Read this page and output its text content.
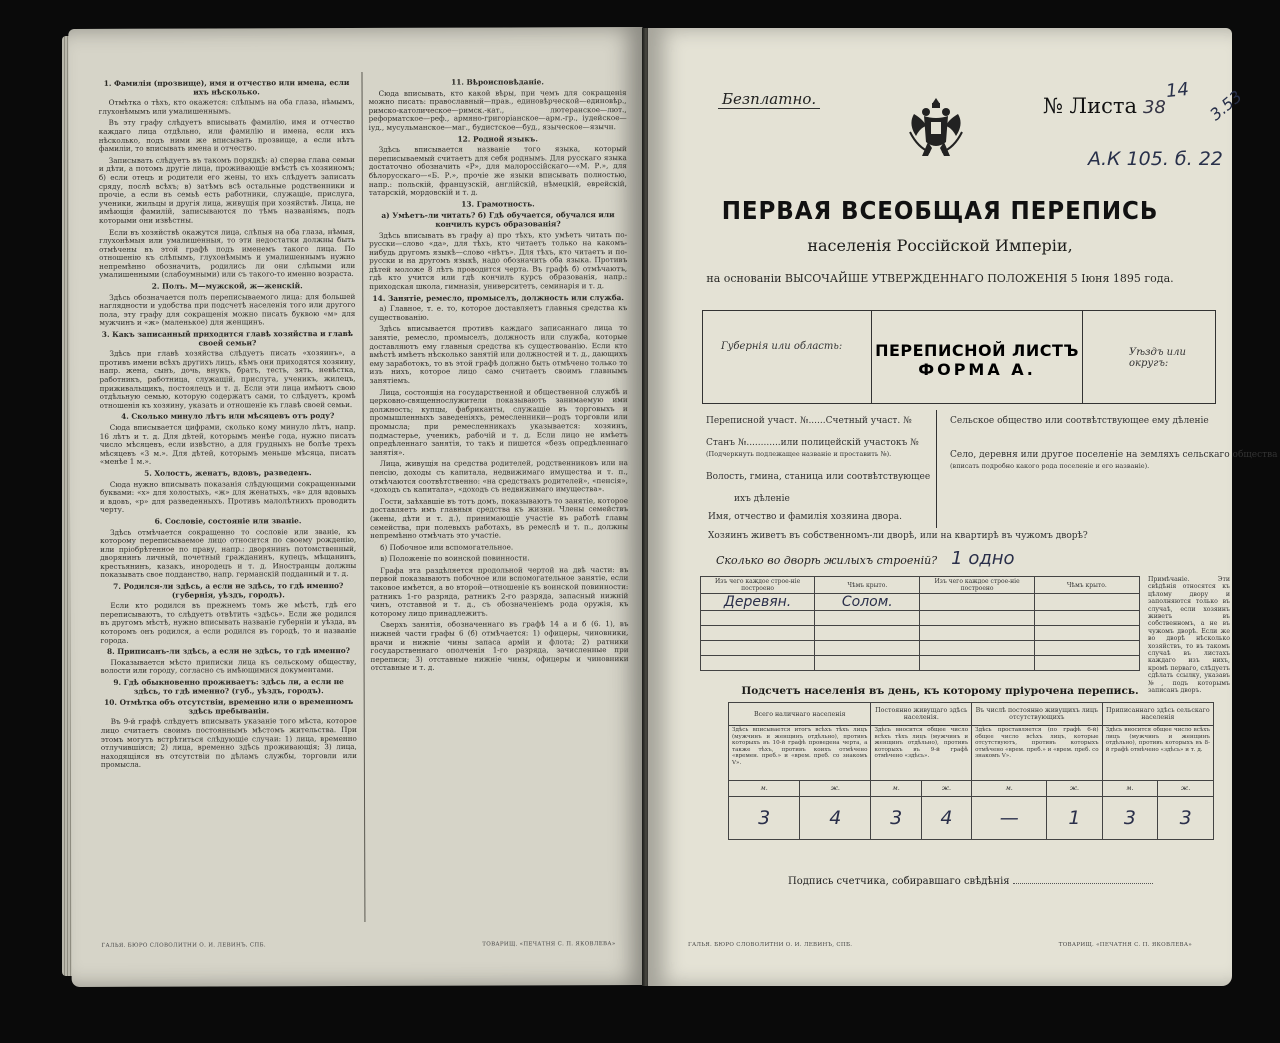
1. Фамилія (прозвище), имя и отчество или имена, если ихъ нѣсколько.

Отмѣтка о тѣхъ, кто окажется: слѣпымъ на оба глаза, нѣмымъ, глухонѣмымъ или умалишеннымъ.

Въ эту графу слѣдуетъ вписывать фамилію, имя и отчество каждаго лица отдѣльно, или фамилію и имена, если ихъ нѣсколько, подъ ними же вписывать прозвище, а если нѣтъ фамиліи, то вписывать имена и отчество.

Записывать слѣдуетъ въ такомъ порядкѣ: а) сперва глава семьи и дѣти, а потомъ другіе лица, проживающіе вмѣстѣ съ хозяиномъ; б) если отецъ и родители его жены, то ихъ слѣдуетъ записать сряду, послѣ всѣхъ; в) затѣмъ всѣ остальные родственники и прочіе, а если въ семьѣ есть работники, служащіе, прислуга, ученики, жильцы и другія лица, живущія при хозяйствѣ. Лица, не имѣющія фамилій, записываются по тѣмъ названіямъ, подъ которыми они извѣстны.

Если въ хозяйствѣ окажутся лица, слѣпыя на оба глаза, нѣмыя, глухонѣмыя или умалишенныя, то эти недостатки должны быть отмѣчены въ этой графѣ подъ именемъ такого лица. По отношенію къ слѣпымъ, глухонѣмымъ и умалишеннымъ нужно непремѣнно обозначить, родились ли они слѣпыми или умалишенными (слабоумными) или съ такого-то именно возраста.

2. Полъ. М—мужской, ж—женскій.

Здѣсь обозначается полъ переписываемого лица: для большей наглядности и удобства при подсчетѣ населенія того или другого пола, эту графу для сокращенія можно писать буквою «м» для мужчинъ и «ж» (маленькое) для женщинъ.

3. Какъ записанный приходится главѣ хозяйства и главѣ своей семьи?

Здѣсь при главѣ хозяйства слѣдуетъ писать «хозяинъ», а противъ имени всѣхъ другихъ лицъ, кѣмъ они приходятся хозяину, напр. жена, сынъ, дочь, внукъ, братъ, тесть, зять, невѣстка, работникъ, работница, служащій, прислуга, ученикъ, жилецъ, приживальщикъ, постоялецъ и т. д. Если эти лица имѣютъ свою отдѣльную семью, которую содержатъ сами, то слѣдуетъ, кромѣ отношенія къ хозяину, указать и отношеніе къ главѣ своей семьи.

4. Сколько минуло лѣтъ или мѣсяцевъ отъ роду?

Сюда вписывается цифрами, сколько кому минуло лѣтъ, напр. 16 лѣтъ и т. д. Для дѣтей, которымъ менѣе года, нужно писать число мѣсяцевъ, если извѣстно, а для грудныхъ не болѣе трехъ мѣсяцевъ «3 м.». Для дѣтей, которымъ меньше мѣсяца, писать «менѣе 1 м.».

5. Холостъ, женатъ, вдовъ, разведенъ.

Сюда нужно вписывать показанія слѣдующими сокращенными буквами: «х» для холостыхъ, «ж» для женатыхъ, «в» для вдовыхъ и вдовъ, «р» для разведенныхъ. Противъ малолѣтнихъ проводить черту.

6. Сословіе, состояніе или званіе.

Здѣсь отмѣчается сокращенно то сословіе или званіе, къ которому переписываемое лицо относится по своему рожденію, или пріобрѣтенное по праву, напр.: дворянинъ потомственный, дворянинъ личный, почетный гражданинъ, купецъ, мѣщанинъ, крестьянинъ, казакъ, инородецъ и т. д. Иностранцы должны показывать свое подданство, напр. германскій подданный и т. д.

7. Родился-ли здѣсь, а если не здѣсь, то гдѣ именно? (губернія, уѣздъ, городъ).

Если кто родился въ прежнемъ томъ же мѣстѣ, гдѣ его переписываютъ, то слѣдуетъ отвѣтить «здѣсь». Если же родился въ другомъ мѣстѣ, нужно вписывать названіе губерніи и уѣзда, въ которомъ онъ родился, а если родился въ городѣ, то и названіе города.

8. Приписанъ-ли здѣсь, а если не здѣсь, то гдѣ именно?

Показывается мѣсто приписки лица къ сельскому обществу, волости или городу, согласно съ имѣющимися документами.

9. Гдѣ обыкновенно проживаетъ: здѣсь ли, а если не здѣсь, то гдѣ именно? (губ., уѣздъ, городъ).
10. Отмѣтка объ отсутствіи, временно или о временномъ здѣсь пребываніи.

Въ 9-й графѣ слѣдуетъ вписывать указаніе того мѣста, которое лицо считаетъ своимъ постояннымъ мѣстомъ жительства. При этомъ могутъ встрѣтиться слѣдующіе случаи: 1) лица, временно отлучившіяся; 2) лица, временно здѣсь проживающія; 3) лица, находящіяся въ отсутствіи по дѣламъ службы, торговли или промысла.

11. Вѣроисповѣданіе.

Сюда вписывать, кто какой вѣры, при чемъ для сокращенія можно писать: православный—прав., единовѣрческой—единовѣр., римско-католическое—римск.-кат., лютеранское—лют., реформатское—реф., армяно-григоріанское—арм.-гр., іудейское—іуд., мусульманское—маг., будистское—буд., языческое—язычн.

12. Родной языкъ.

Здѣсь вписывается названіе того языка, который переписываемый считаетъ для себя роднымъ. Для русскаго языка достаточно обозначить «Р», для малороссійскаго—«М. Р.», для бѣлорусскаго—«Б. Р.», прочіе же языки вписывать полностью, напр.: польскій, французскій, англійскій, нѣмецкій, еврейскій, татарскій, мордовскій и т. д.

13. Грамотность.
а) Умѣетъ-ли читать? б) Гдѣ обучается, обучался или кончилъ курсъ образованія?

Здѣсь вписывать въ графу а) про тѣхъ, кто умѣетъ читать по-русски—слово «да», для тѣхъ, кто читаетъ только на какомъ-нибудь другомъ языкѣ—слово «нѣтъ». Для тѣхъ, кто читаетъ и по-русски и на другомъ языкѣ, надо обозначить оба языка. Противъ дѣтей моложе 8 лѣтъ проводится черта. Въ графѣ б) отмѣчаютъ, гдѣ кто учится или гдѣ кончилъ курсъ образованія, напр.: приходская школа, гимназія, университетъ, семинарія и т. д.

14. Занятіе, ремесло, промыселъ, должность или служба.

а) Главное, т. е. то, которое доставляетъ главныя средства къ существованію.

Здѣсь вписывается противъ каждаго записаннаго лица то занятіе, ремесло, промыселъ, должность или служба, которые доставляютъ ему главныя средства къ существованію. Если кто вмѣстѣ имѣетъ нѣсколько занятій или должностей и т. д., дающихъ ему заработокъ, то въ этой графѣ должно быть отмѣчено только то изъ нихъ, которое лицо само считаетъ своимъ главнымъ занятіемъ.

Лица, состоящія на государственной и общественной службѣ и церковно-священнослужители показываютъ занимаемую ими должность; купцы, фабриканты, служащіе въ торговыхъ и промышленныхъ заведеніяхъ, ремесленники—родъ торговли или промысла; при ремесленникахъ указывается: хозяинъ, подмастерье, ученикъ, рабочій и т. д. Если лицо не имѣетъ опредѣленнаго занятія, то такъ и пишется «безъ опредѣленнаго занятія».

Лица, живущія на средства родителей, родственниковъ или на пенсію, доходы съ капитала, недвижимаго имущества и т. п., отмѣчаются соотвѣтственно: «на средствахъ родителей», «пенсія», «доходъ съ капитала», «доходъ съ недвижимаго имущества».

Гости, заѣхавшіе въ тотъ домъ, показываютъ то занятіе, которое доставляетъ имъ главныя средства къ жизни. Члены семействъ (жены, дѣти и т. д.), принимающіе участіе въ работѣ главы семейства, при полевыхъ работахъ, въ ремеслѣ и т. п., должны непремѣнно отмѣчать это участіе.

б) Побочное или вспомогательное.

в) Положеніе по воинской повинности.

Графа эта раздѣляется продольной чертой на двѣ части: въ первой показываютъ побочное или вспомогательное занятіе, если таковое имѣется, а во второй—отношеніе къ воинской повинности: ратникъ 1-го разряда, ратникъ 2-го разряда, запасный нижній чинъ, отставной и т. д., съ обозначеніемъ рода оружія, къ которому лицо принадлежитъ.

Сверхъ занятія, обозначеннаго въ графѣ 14 а и б (6. 1), въ нижней части графы 6 (б) отмѣчается: 1) офицеры, чиновники, врачи и нижніе чины запаса арміи и флота; 2) ратники государственнаго ополченія 1-го разряда, зачисленные при переписи; 3) отставные нижніе чины, офицеры и чиновники отставные и т. д.

ГАЛЬЯ. БЮРО СЛОВОЛИТНИ О. И. ЛЕВИНЪ, СПБ.	ТОВАРИЩ. «ПЕЧАТНЯ С. П. ЯКОВЛЕВА»
Безплатно.	№ Листа 38
14 3.53
А.К 105. б. 22
ПЕРВАЯ ВСЕОБЩАЯ ПЕРЕПИСЬ
населенія Россійской Имперіи,
на основаніи ВЫСОЧАЙШЕ УТВЕРЖДЕННАГО ПОЛОЖЕНІЯ 5 Іюня 1895 года.
Губернія или область: ПЕРЕПИСНОЙ ЛИСТЪ
ФОРМА А.
Уѣздъ или округъ:
Переписной участ. №......Счетный участ. №
Станъ №............или полицейскій участокъ №
(Подчеркнуть подлежащее названіе и проставить №).
Волость, гмина, станица или соотвѣтствующее
ихъ дѣленіе
Сельское общество или соотвѣтствующее ему дѣленіе
Село, деревня или другое поселеніе на земляхъ сельскаго общества
(вписать подробно какого рода поселеніе и его названіе).
Имя, отчество и фамилія хозяина двора.
Хозяинъ живетъ въ собственномъ-ли дворѣ, или на квартирѣ въ чужомъ дворѣ?
Сколько во дворѣ жилыхъ строеній? 1 одно
Изъ чего каждое строе-ніе построено	Чѣмъ крыто.	Изъ чего каждое строе-ніе построено	Чѣмъ крыто.
Деревян.	Солом.		

Примѣчаніе. Эти свѣдѣнія относятся къ цѣлому двору и заполняются только въ случаѣ, если хозяинъ живетъ въ собственномъ, а не въ чужомъ дворѣ. Если же во дворѣ нѣсколько хозяйствъ, то въ такомъ случаѣ въ листахъ каждаго изъ нихъ, кромѣ перваго, слѣдуетъ сдѣлать ссылку, указавъ №, подъ которымъ записанъ дворъ.
Подсчетъ населенія въ день, къ которому пріурочена перепись.
Всего наличнаго населенія		Постоянно живущаго здѣсь населенія.		Въ числѣ постоянно живущихъ лицъ отсутствующихъ		Приписаннаго здѣсь сельскаго населенія	
Здѣсь вписывается итогъ всѣхъ тѣхъ лицъ (мужчинъ и женщинъ отдѣльно), противъ которыхъ въ 10-й графѣ проведена черта, а также тѣхъ, противъ коихъ отмѣчено «времен. преб.» и «врем. преб. со знакомъ V».		Здѣсь вносится общее число всѣхъ тѣхъ лицъ (мужчинъ и женщинъ отдѣльно), противъ которыхъ въ 9-й графѣ отмѣчено «здѣсь».		Здѣсь проставляется (по графѣ 6-й) общее число всѣхъ лицъ, которые отсутствуютъ, противъ которыхъ отмѣчено «врем. преб.» и «врем. преб. со знакомъ V».		Здѣсь вносится общее число всѣхъ лицъ (мужчинъ и женщинъ отдѣльно), противъ которыхъ въ 8-й графѣ отмѣчено «здѣсь» и т. д.	
м.	ж.	м.	ж.	м.	ж.	м.	ж.
3	4	3	4	—	1	3	3
Подпись счетчика, собиравшаго свѣдѣнія
ГАЛЬЯ. БЮРО СЛОВОЛИТНИ О. И. ЛЕВИНЪ, СПБ.	ТОВАРИЩ. «ПЕЧАТНЯ С. П. ЯКОВЛЕВА»
